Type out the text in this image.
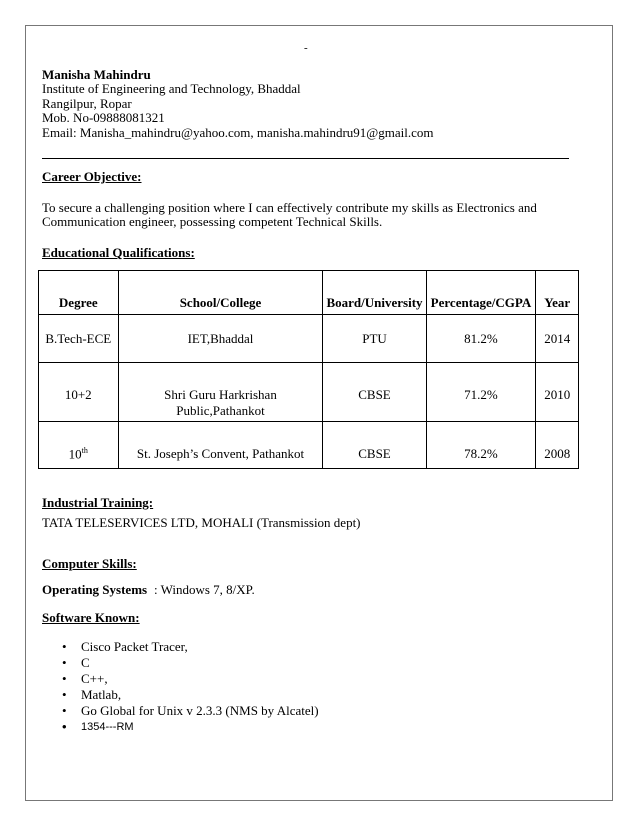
-
Manisha Mahindru
Institute of Engineering and Technology, Bhaddal
Rangilpur, Ropar
Mob. No-09888081321
Email: Manisha_mahindru@yahoo.com, manisha.mahindru91@gmail.com
Career Objective:
To secure a challenging position where I can effectively contribute my skills as Electronics and
Communication engineer, possessing competent Technical Skills.
Educational Qualifications:
Degree	School/College	Board/University	Percentage/CGPA	Year
B.Tech-ECE	IET,Bhaddal	PTU	81.2%	2014
10+2	Shri Guru Harkrishan
Public,Pathankot	CBSE	71.2%	2010
10th	St. Joseph’s Convent, Pathankot	CBSE	78.2%	2008
Industrial Training:
TATA TELESERVICES LTD, MOHALI (Transmission dept)
Computer Skills:
Operating Systems : Windows 7, 8/XP.
Software Known:
• Cisco Packet Tracer,
• C
• C++,
• Matlab,
• Go Global for Unix v 2.3.3 (NMS by Alcatel)
• 1354---RM
